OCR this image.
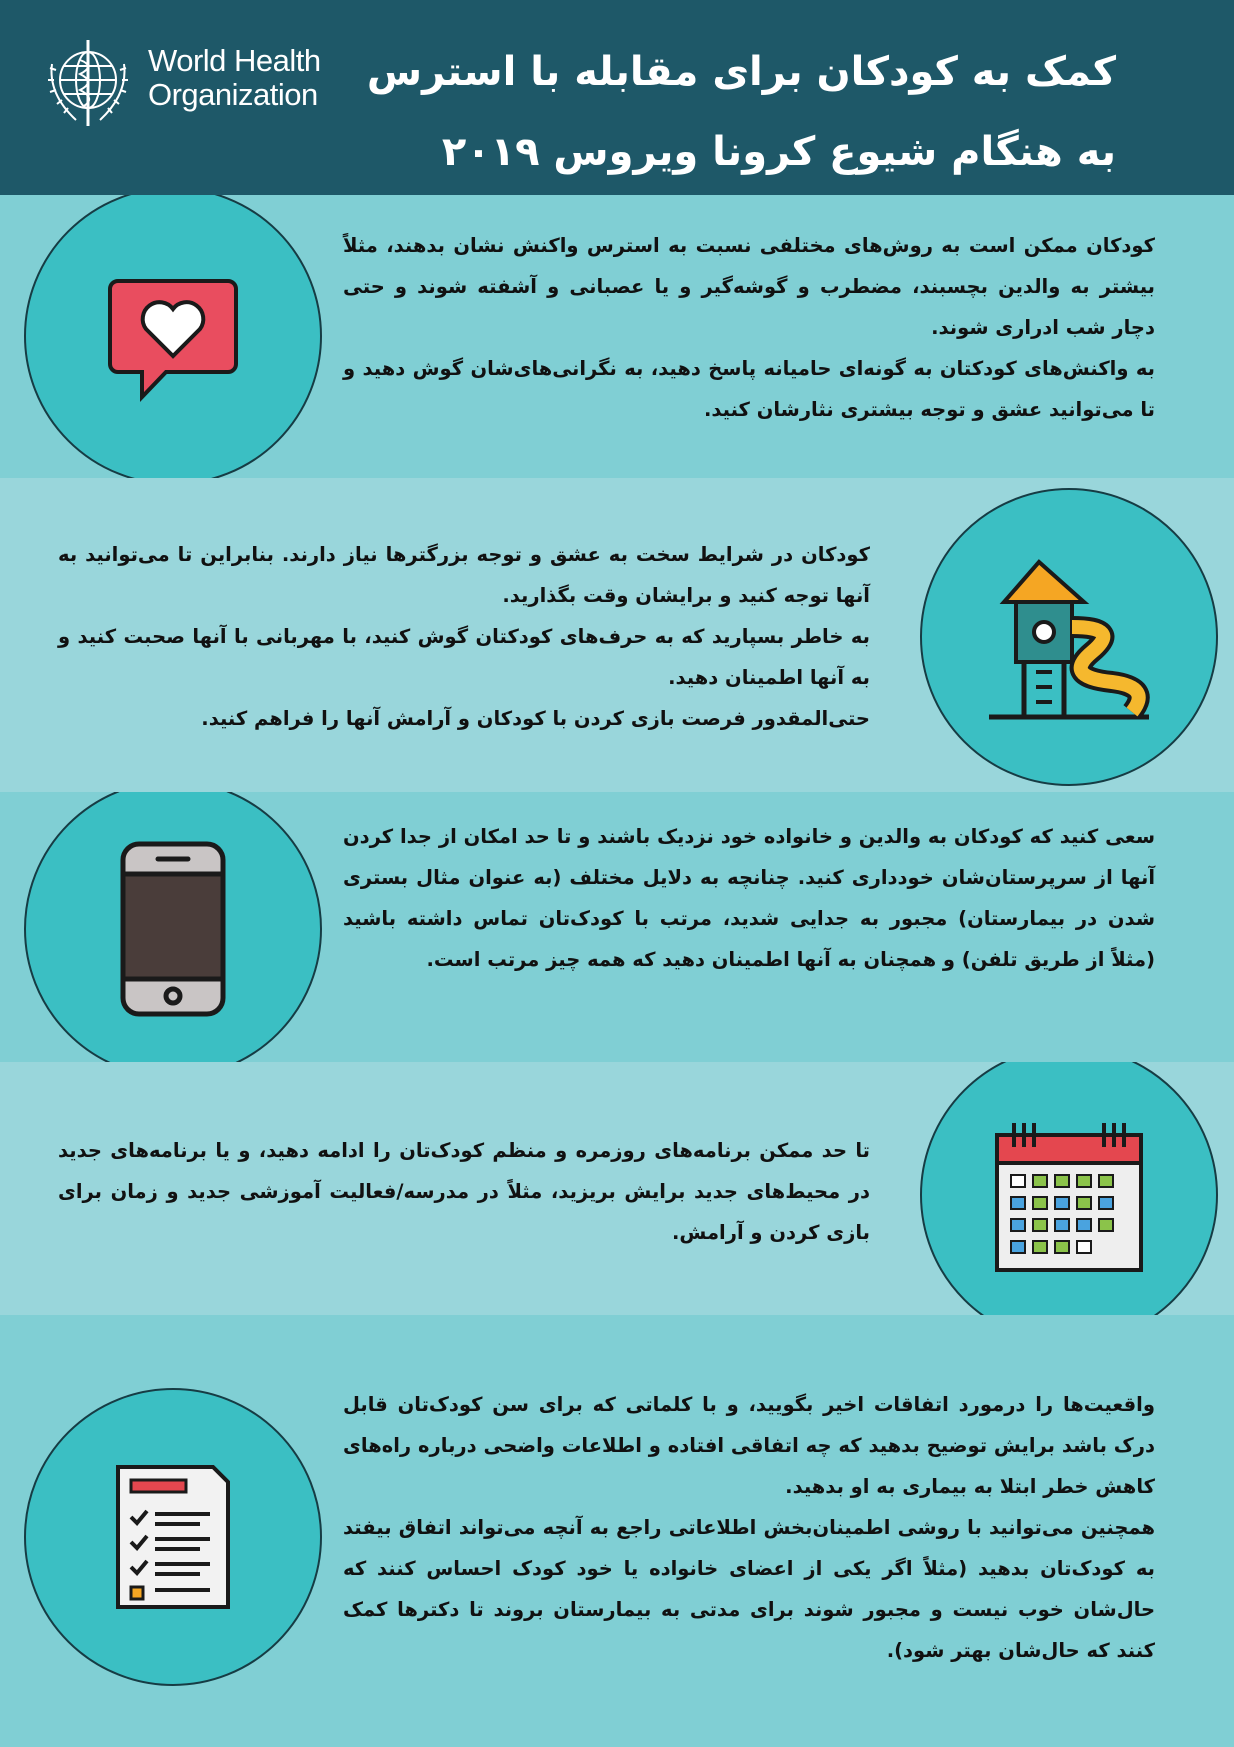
World Health
Organization کمک به کودکان برای مقابله با استرس
به هنگام شیوع کرونا ویروس ۲۰۱۹

کودکان ممکن است به روش‌های مختلفی نسبت به استرس واکنش نشان بدهند، مثلاً بیشتر به والدین بچسبند، مضطرب و گوشه‌گیر و یا عصبانی و آشفته شوند و حتی دچار شب ادراری شوند.

به واکنش‌های کودکتان به گونه‌ای حامیانه پاسخ دهید، به نگرانی‌های‌شان گوش دهید و تا می‌توانید عشق و توجه بیشتری نثارشان کنید.

کودکان در شرایط سخت به عشق و توجه بزرگترها نیاز دارند. بنابراین تا می‌توانید به آنها توجه کنید و برایشان وقت بگذارید.

به خاطر بسپارید که به حرف‌های کودکتان گوش کنید، با مهربانی با آنها صحبت کنید و به آنها اطمینان دهید.

حتی‌المقدور فرصت بازی کردن با کودکان و آرامش آنها را فراهم کنید.

سعی کنید که کودکان به والدین و خانواده خود نزدیک باشند و تا حد امکان از جدا کردن آنها از سرپرستان‌شان خودداری کنید. چنانچه به دلایل مختلف (به عنوان مثال بستری شدن در بیمارستان) مجبور به جدایی شدید، مرتب با کودک‌تان تماس داشته باشید (مثلاً از طریق تلفن) و همچنان به آنها اطمینان دهید که همه چیز مرتب است.

تا حد ممکن برنامه‌های روزمره و منظم کودک‌تان را ادامه دهید، و یا برنامه‌های جدید در محیط‌های جدید برایش بریزید، مثلاً در مدرسه/فعالیت آموزشی جدید و زمان برای بازی کردن و آرامش.

واقعیت‌ها را درمورد اتفاقات اخیر بگویید، و با کلماتی که برای سن کودک‌تان قابل درک باشد برایش توضیح بدهید که چه اتفاقی افتاده و اطلاعات واضحی درباره راه‌های کاهش خطر ابتلا به بیماری به او بدهید.

همچنین می‌توانید با روشی اطمینان‌بخش اطلاعاتی راجع به آنچه می‌تواند اتفاق بیفتد به کودک‌تان بدهید (مثلاً اگر یکی از اعضای خانواده یا خود کودک احساس کنند که حال‌شان خوب نیست و مجبور شوند برای مدتی به بیمارستان بروند تا دکترها کمک کنند که حال‌شان بهتر شود).
